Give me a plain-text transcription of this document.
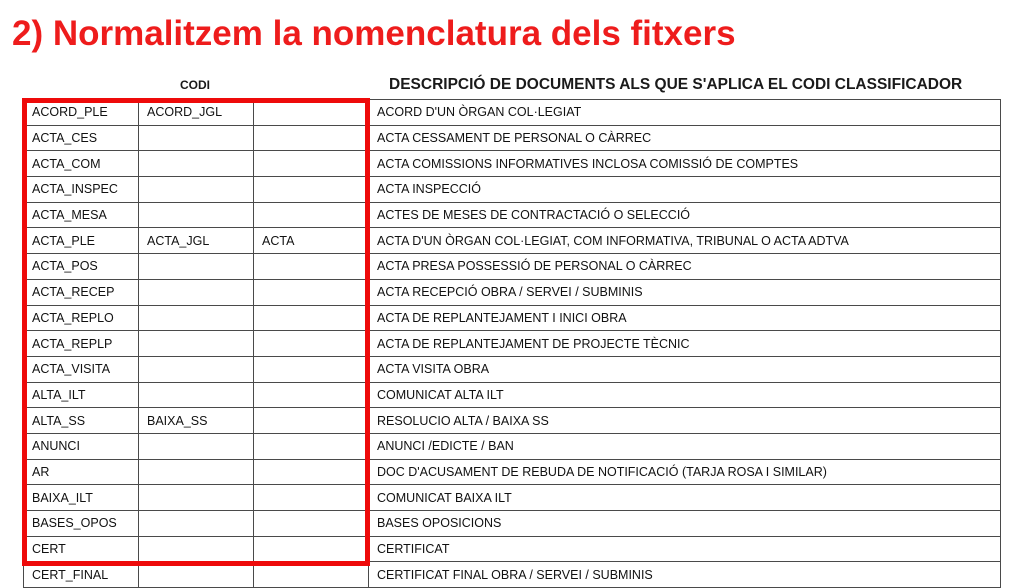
2) Normalitzem la nomenclatura dels fitxers
CODI	DESCRIPCIÓ DE DOCUMENTS ALS QUE S'APLICA EL CODI CLASSIFICADOR
ACORD_PLE	ACORD_JGL		ACORD D'UN ÒRGAN COL·LEGIAT
ACTA_CES			ACTA CESSAMENT DE PERSONAL O CÀRREC
ACTA_COM			ACTA COMISSIONS INFORMATIVES INCLOSA COMISSIÓ DE COMPTES
ACTA_INSPEC			ACTA INSPECCIÓ
ACTA_MESA			ACTES DE MESES DE CONTRACTACIÓ O SELECCIÓ
ACTA_PLE	ACTA_JGL	ACTA	ACTA D'UN ÒRGAN COL·LEGIAT, COM INFORMATIVA, TRIBUNAL O ACTA ADTVA
ACTA_POS			ACTA PRESA POSSESSIÓ DE PERSONAL O CÀRREC
ACTA_RECEP			ACTA RECEPCIÓ OBRA / SERVEI / SUBMINIS
ACTA_REPLO			ACTA DE REPLANTEJAMENT I INICI OBRA
ACTA_REPLP			ACTA DE REPLANTEJAMENT DE PROJECTE TÈCNIC
ACTA_VISITA			ACTA VISITA OBRA
ALTA_ILT			COMUNICAT ALTA ILT
ALTA_SS	BAIXA_SS		RESOLUCIO ALTA / BAIXA SS
ANUNCI			ANUNCI /EDICTE / BAN
AR			DOC D'ACUSAMENT DE REBUDA DE NOTIFICACIÓ (TARJA ROSA I SIMILAR)
BAIXA_ILT			COMUNICAT BAIXA ILT
BASES_OPOS			BASES OPOSICIONS
CERT			CERTIFICAT
CERT_FINAL			CERTIFICAT FINAL OBRA / SERVEI / SUBMINIS
